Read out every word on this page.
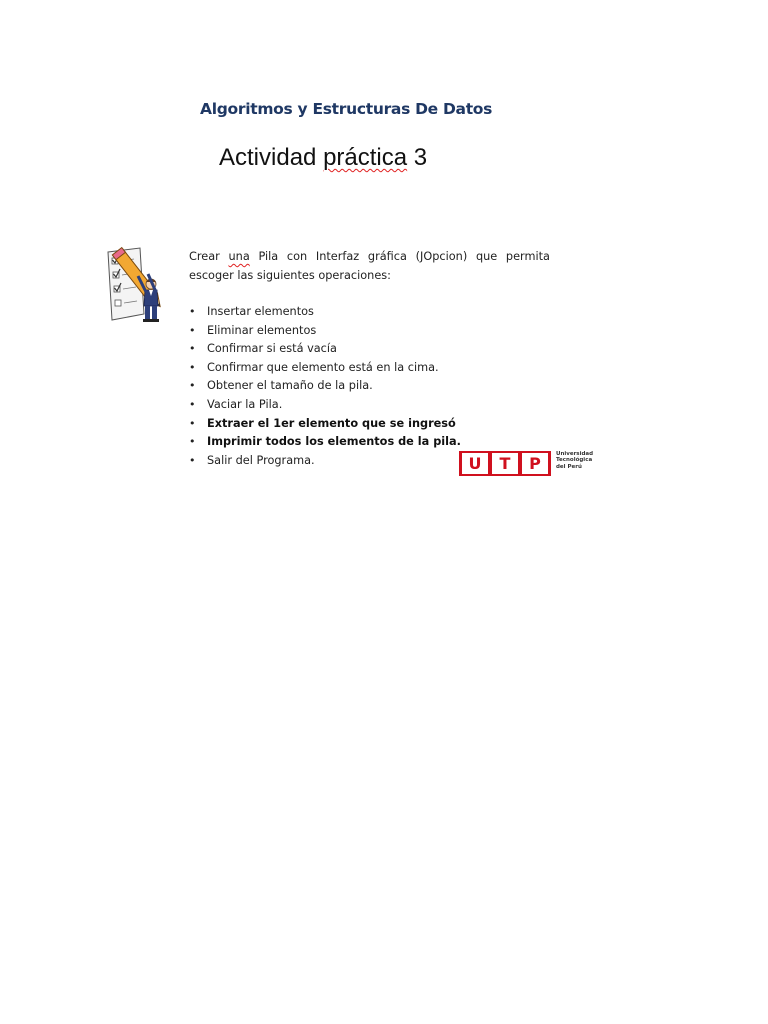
Algoritmos y Estructuras De Datos
Actividad práctica 3
Crear una Pila con Interfaz gráfica (JOpcion) que permita escoger las siguientes operaciones:
• Insertar elementos
• Eliminar elementos
• Confirmar si está vacía
• Confirmar que elemento está en la cima.
• Obtener el tamaño de la pila.
• Vaciar la Pila.
• Extraer el 1er elemento que se ingresó
• Imprimir todos los elementos de la pila.
• Salir del Programa.	U	T	P	Universidad
Tecnológica
del Perú
